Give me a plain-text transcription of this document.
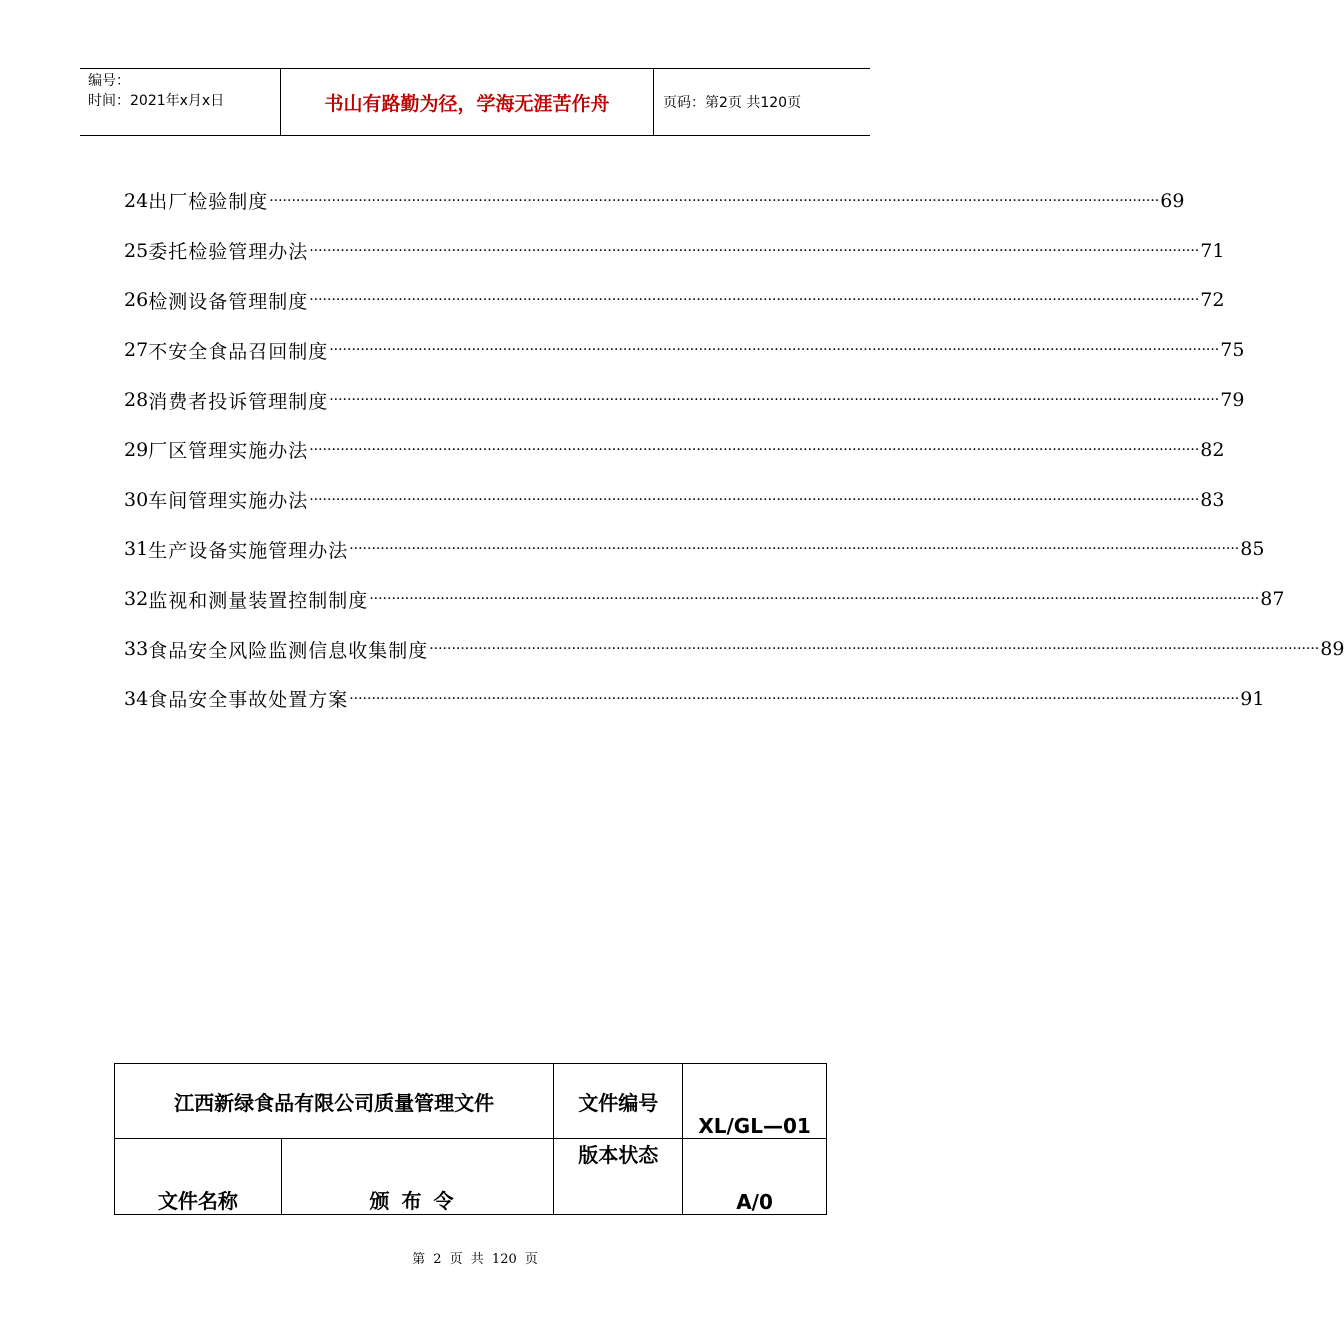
编号：
时间：2021年x月x日	书山有路勤为径，学海无涯苦作舟	页码：第2页 共120页
24 出厂检验制度 ········································································································································································································ 69
25 委托检验管理办法 ········································································································································································································ 71
26 检测设备管理制度 ········································································································································································································ 72
27 不安全食品召回制度 ········································································································································································································ 75
28 消费者投诉管理制度 ········································································································································································································ 79
29 厂区管理实施办法 ········································································································································································································ 82
30 车间管理实施办法 ········································································································································································································ 83
31 生产设备实施管理办法 ········································································································································································································ 85
32 监视和测量装置控制制度 ········································································································································································································ 87
33 食品安全风险监测信息收集制度 ········································································································································································································ 89
34 食品安全事故处置方案 ········································································································································································································ 91
江西新绿食品有限公司质量管理文件		文件编号	XL/GL—01
文件名称	颁布令	版本状态	A/0
第 2 页 共 120 页
